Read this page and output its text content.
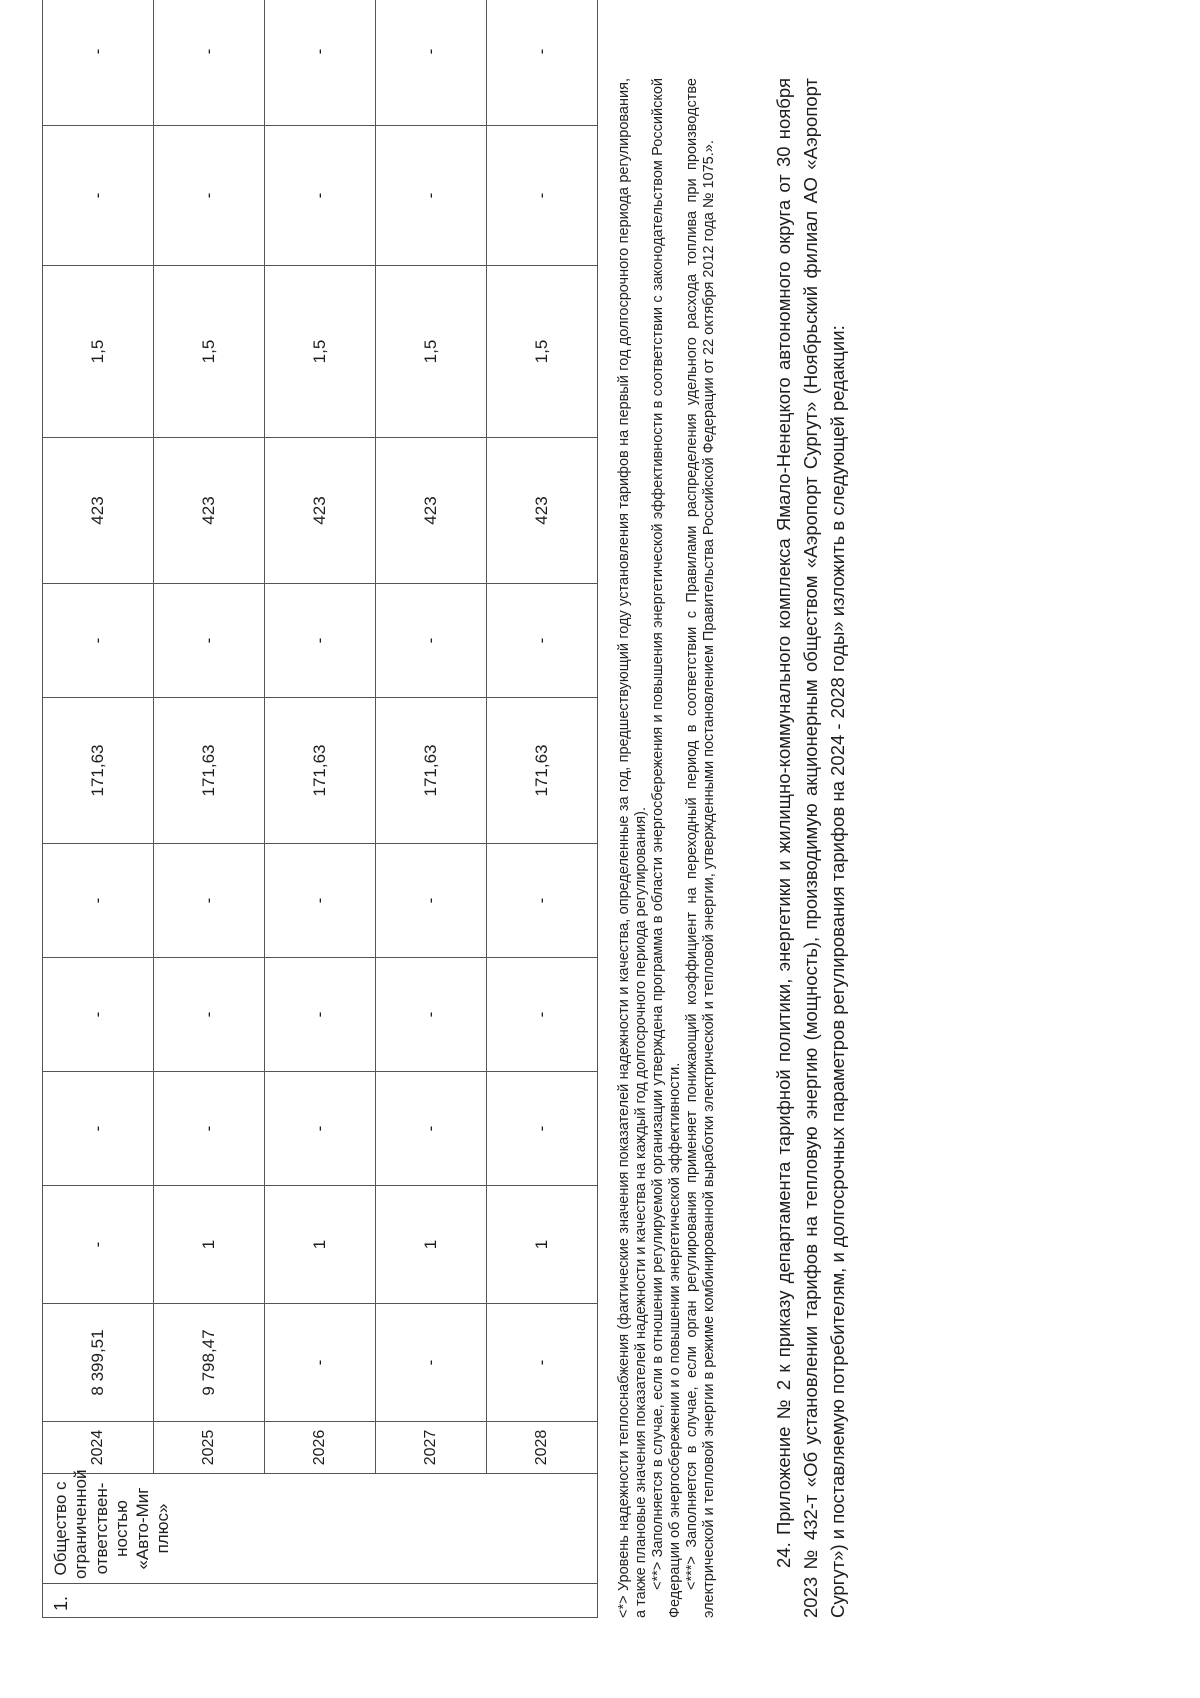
1.	Общество с ограниченной ответствен-ностью «Авто-Миг плюс»	2024	8 399,51	-	-	-	-	171,63	-	423	1,5	-	-
		2025	9 798,47	1	-	-	-	171,63	-	423	1,5	-	-
		2026	-	1	-	-	-	171,63	-	423	1,5	-	-
		2027	-	1	-	-	-	171,63	-	423	1,5	-	-
		2028	-	1	-	-	-	171,63	-	423	1,5	-	-

<*> Уровень надежности теплоснабжения (фактические значения показателей надежности и качества, определенные за год, предшествующий году установления тарифов на первый год долгосрочного периода регулирования, а также плановые значения показателей надежности и качества на каждый год долгосрочного периода регулирования). <**> Заполняется в случае, если в отношении регулируемой организации утверждена программа в области энергосбережения и повышения энергетической эффективности в соответствии с законодательством Российской Федерации об энергосбережении и о повышении энергетической эффективности. <***> Заполняется в случае, если орган регулирования применяет понижающий коэффициент на переходный период в соответствии с Правилами распределения удельного расхода топлива при производстве электрической и тепловой энергии в режиме комбинированной выработки электрической и тепловой энергии, утвержденными постановлением Правительства Российской Федерации от 22 октября 2012 года № 1075.».	24. Приложение № 2 к приказу департамента тарифной политики, энергетики и жилищно-коммунального комплекса Ямало-Ненецкого автономного округа от 30 ноября 2023 № 432-т «Об установлении тарифов на тепловую энергию (мощность), производимую акционерным обществом «Аэропорт Сургут» (Ноябрьский филиал АО «Аэропорт Сургут») и поставляемую потребителям, и долгосрочных параметров регулирования тарифов на 2024 - 2028 годы» изложить в следующей редакции:
